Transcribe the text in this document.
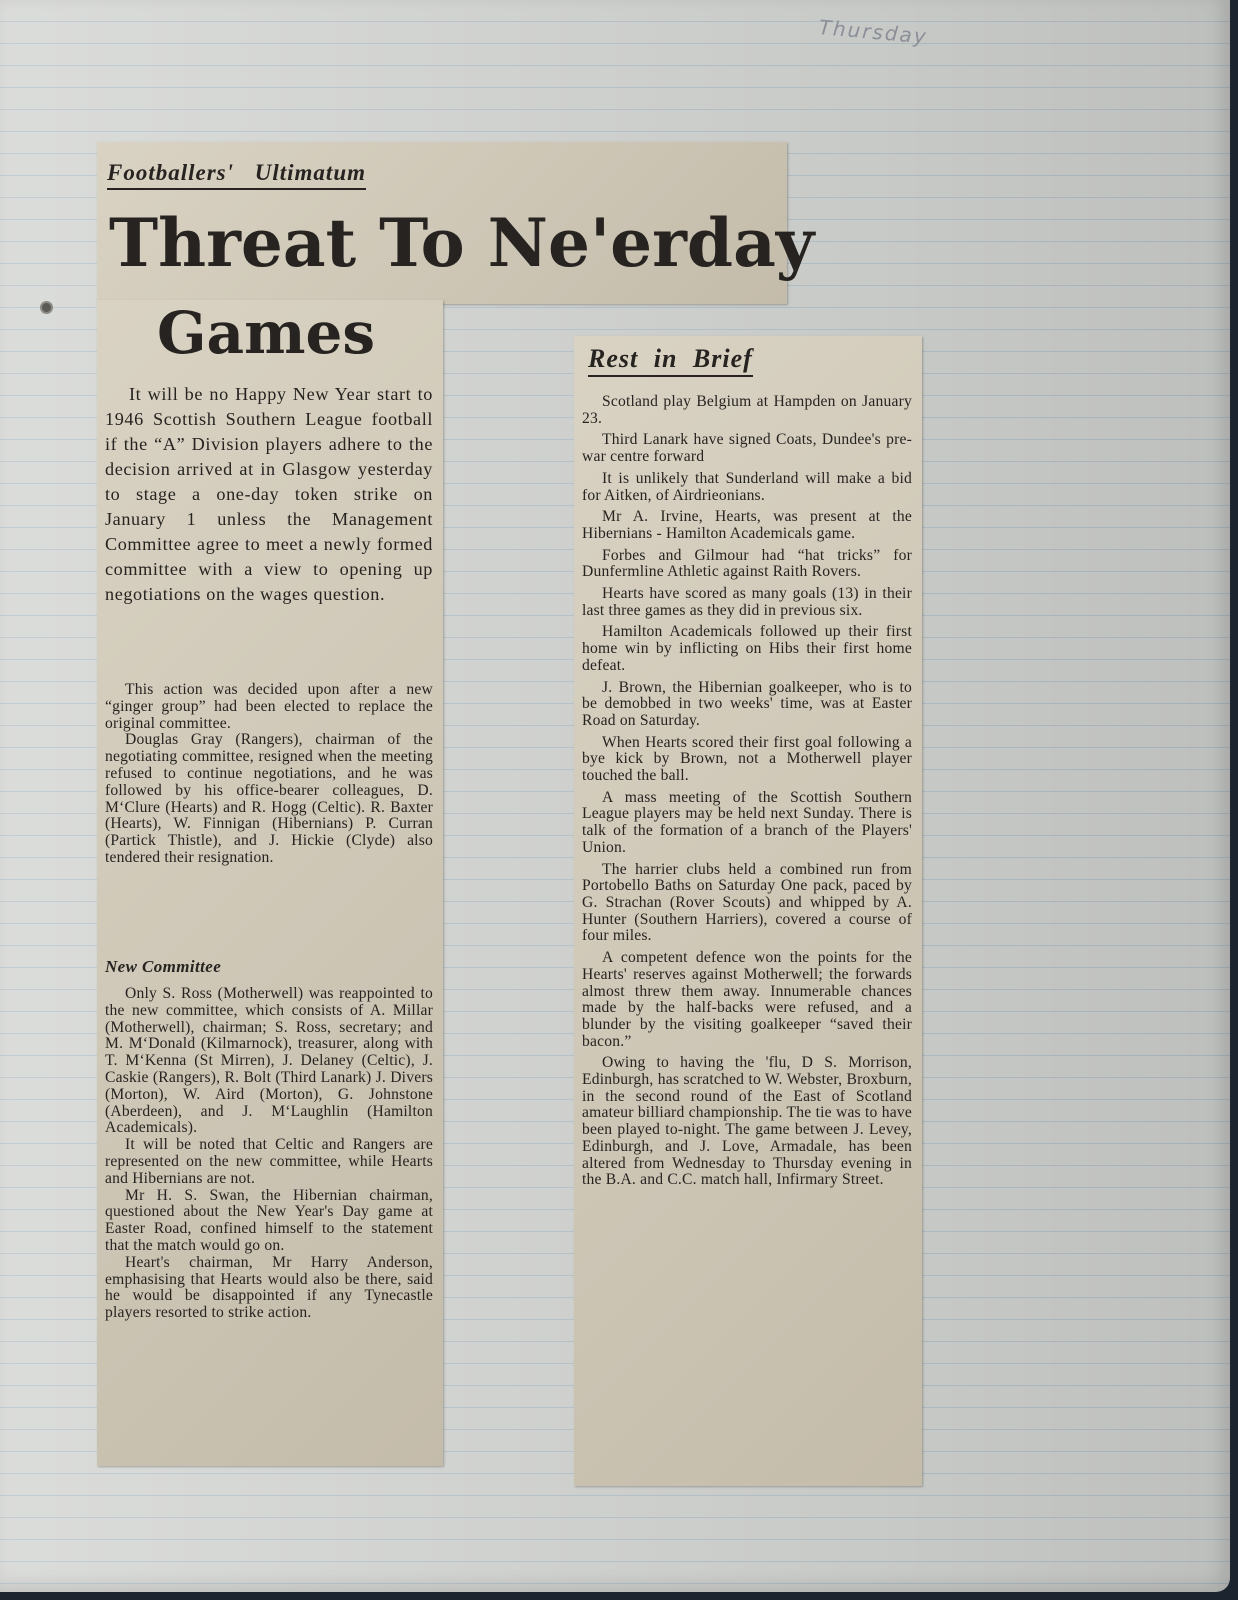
Thursday
Footballers' Ultimatum
Threat To Ne'erday
Games

It will be no Happy New Year start to 1946 Scottish Southern League football if the “A” Division players adhere to the decision arrived at in Glasgow yesterday to stage a one-day token strike on January 1 unless the Management Committee agree to meet a newly formed committee with a view to opening up negotiations on the wages question.

This action was decided upon after a new “ginger group” had been elected to replace the original committee.

Douglas Gray (Rangers), chairman of the negotiating committee, resigned when the meeting refused to continue negotiations, and he was followed by his office-bearer colleagues, D. M‘Clure (Hearts) and R. Hogg (Celtic). R. Baxter (Hearts), W. Finnigan (Hibernians) P. Curran (Partick Thistle), and J. Hickie (Clyde) also tendered their resignation.

New Committee

Only S. Ross (Motherwell) was reappointed to the new committee, which consists of A. Millar (Motherwell), chairman; S. Ross, secretary; and M. M‘Donald (Kilmarnock), treasurer, along with T. M‘Kenna (St Mirren), J. Delaney (Celtic), J. Caskie (Rangers), R. Bolt (Third Lanark) J. Divers (Morton), W. Aird (Morton), G. Johnstone (Aberdeen), and J. M‘Laughlin (Hamilton Academicals).

It will be noted that Celtic and Rangers are represented on the new committee, while Hearts and Hibernians are not.

Mr H. S. Swan, the Hibernian chairman, questioned about the New Year's Day game at Easter Road, confined himself to the statement that the match would go on.

Heart's chairman, Mr Harry Anderson, emphasising that Hearts would also be there, said he would be disappointed if any Tynecastle players resorted to strike action.

Rest in Brief

Scotland play Belgium at Hampden on January 23.

Third Lanark have signed Coats, Dundee's pre-war centre forward

It is unlikely that Sunderland will make a bid for Aitken, of Airdrieonians.

Mr A. Irvine, Hearts, was present at the Hibernians - Hamilton Academicals game.

Forbes and Gilmour had “hat tricks” for Dunfermline Athletic against Raith Rovers.

Hearts have scored as many goals (13) in their last three games as they did in previous six.

Hamilton Academicals followed up their first home win by inflicting on Hibs their first home defeat.

J. Brown, the Hibernian goalkeeper, who is to be demobbed in two weeks' time, was at Easter Road on Saturday.

When Hearts scored their first goal following a bye kick by Brown, not a Motherwell player touched the ball.

A mass meeting of the Scottish Southern League players may be held next Sunday. There is talk of the formation of a branch of the Players' Union.

The harrier clubs held a combined run from Portobello Baths on Saturday One pack, paced by G. Strachan (Rover Scouts) and whipped by A. Hunter (Southern Harriers), covered a course of four miles.

A competent defence won the points for the Hearts' reserves against Motherwell; the forwards almost threw them away. Innumerable chances made by the half-backs were refused, and a blunder by the visiting goalkeeper “saved their bacon.”

Owing to having the 'flu, D S. Morrison, Edinburgh, has scratched to W. Webster, Broxburn, in the second round of the East of Scotland amateur billiard championship. The tie was to have been played to-night. The game between J. Levey, Edinburgh, and J. Love, Armadale, has been altered from Wednesday to Thursday evening in the B.A. and C.C. match hall, Infirmary Street.
